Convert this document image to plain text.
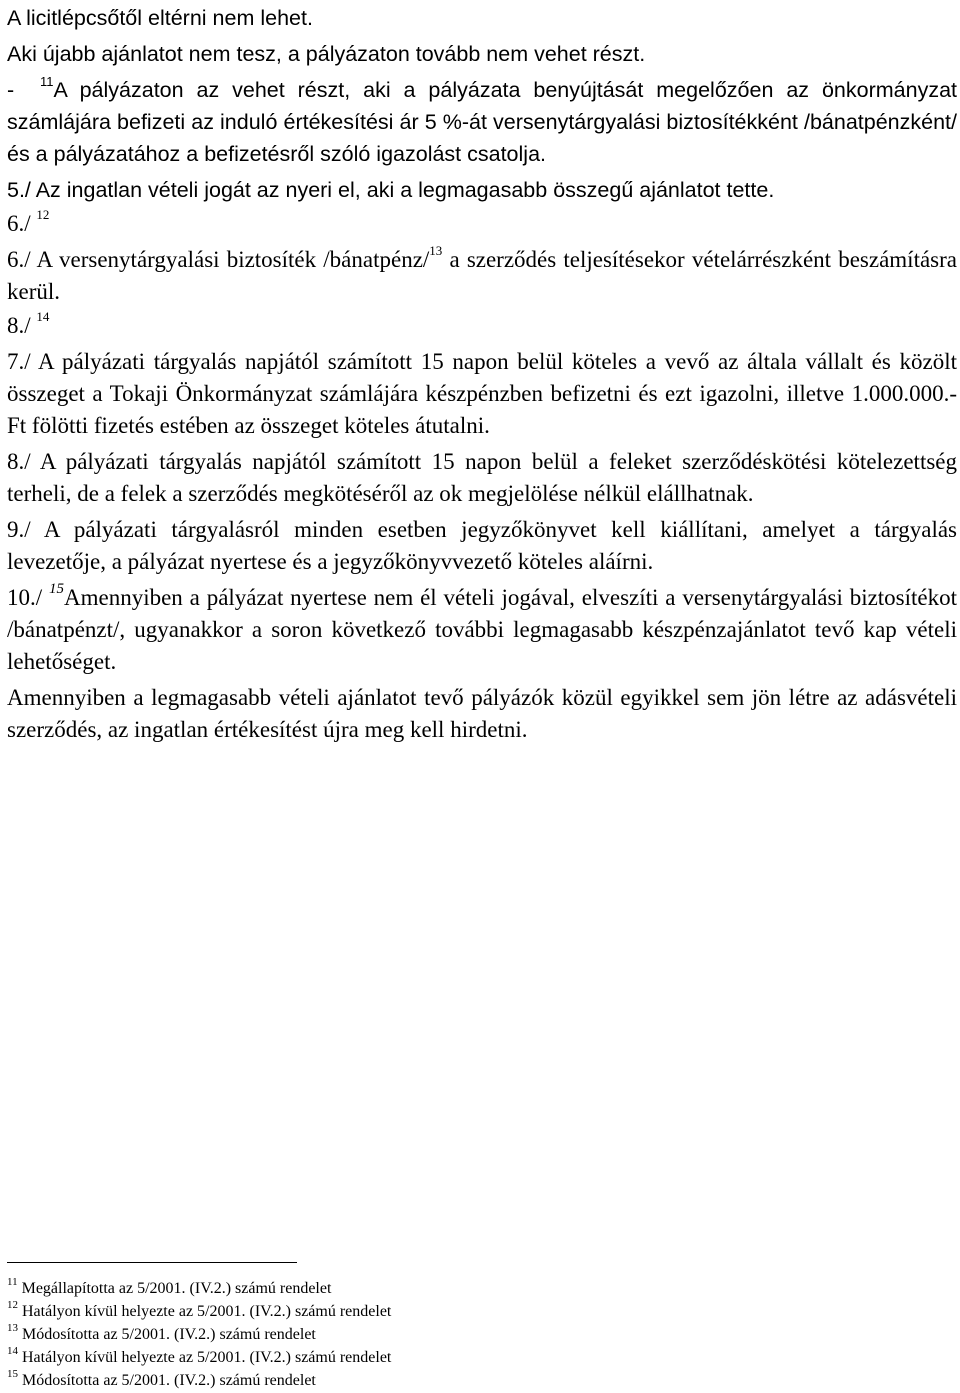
A licitlépcsőtől eltérni nem lehet.

Aki újabb ajánlatot nem tesz, a pályázaton tovább nem vehet részt.

- $^{11}$A pályázaton az vehet részt, aki a pályázata benyújtását megelőzően az önkormányzat számlájára befizeti az induló értékesítési ár 5 %-át versenytárgyalási biztosítékként /bánatpénzként/ és a pályázatához a befizetésről szóló igazolást csatolja.

5./ Az ingatlan vételi jogát az nyeri el, aki a legmagasabb összegű ajánlatot tette.

6./ $^{12}$

6./ A versenytárgyalási biztosíték /bánatpénz/$^{13}$ a szerződés teljesítésekor vételárrészként beszámításra kerül.

8./ $^{14}$

7./ A pályázati tárgyalás napjától számított 15 napon belül köteles a vevő az általa vállalt és közölt összeget a Tokaji Önkormányzat számlájára készpénzben befizetni és ezt igazolni, illetve 1.000.000.-Ft fölötti fizetés estében az összeget köteles átutalni.

8./ A pályázati tárgyalás napjától számított 15 napon belül a feleket szerződéskötési kötelezettség terheli, de a felek a szerződés megkötéséről az ok megjelölése nélkül elállhatnak.

9./ A pályázati tárgyalásról minden esetben jegyzőkönyvet kell kiállítani, amelyet a tárgyalás levezetője, a pályázat nyertese és a jegyzőkönyvvezető köteles aláírni.

10./ $^{15}$Amennyiben a pályázat nyertese nem él vételi jogával, elveszíti a versenytárgyalási biztosítékot /bánatpénzt/, ugyanakkor a soron következő további legmagasabb készpénzajánlatot tevő kap vételi lehetőséget.

Amennyiben a legmagasabb vételi ajánlatot tevő pályázók közül egyikkel sem jön létre az adásvételi szerződés, az ingatlan értékesítést újra meg kell hirdetni.

$^{11}$ Megállapította az 5/2001. (IV.2.) számú rendelet
$^{12}$ Hatályon kívül helyezte az 5/2001. (IV.2.) számú rendelet
$^{13}$ Módosította az 5/2001. (IV.2.) számú rendelet
$^{14}$ Hatályon kívül helyezte az 5/2001. (IV.2.) számú rendelet
$^{15}$ Módosította az 5/2001. (IV.2.) számú rendelet
